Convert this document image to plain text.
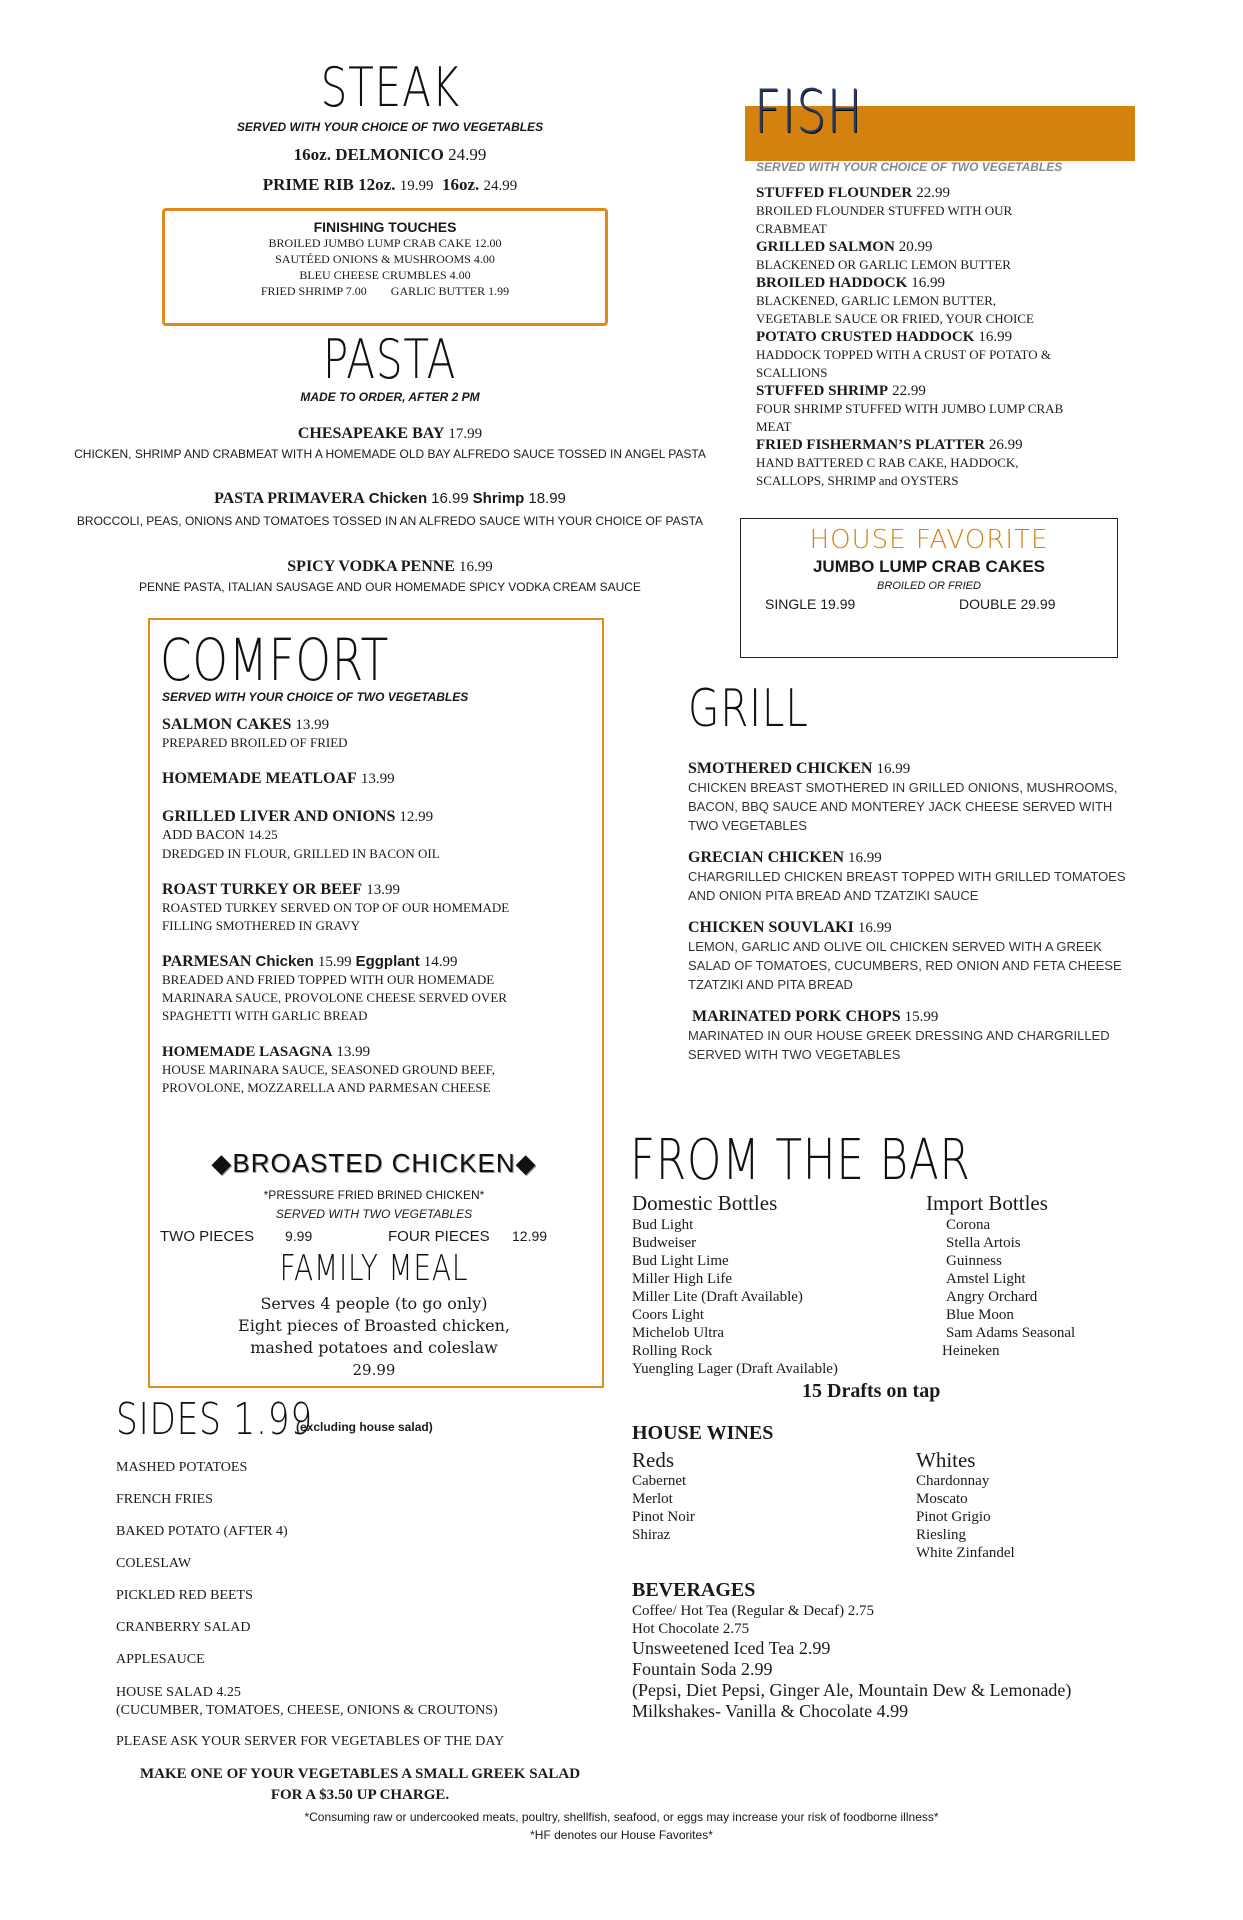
STEAK
SERVED WITH YOUR CHOICE OF TWO VEGETABLES
16oz. DELMONICO 24.99
PRIME RIB 12oz. 19.99 16oz. 24.99
FINISHING TOUCHES
BROILED JUMBO LUMP CRAB CAKE 12.00
SAUTÉED ONIONS & MUSHROOMS 4.00
BLEU CHEESE CRUMBLES 4.00
FRIED SHRIMP 7.00 GARLIC BUTTER 1.99
PASTA
MADE TO ORDER, AFTER 2 PM
CHESAPEAKE BAY 17.99
CHICKEN, SHRIMP AND CRABMEAT WITH A HOMEMADE OLD BAY ALFREDO SAUCE TOSSED IN ANGEL PASTA
PASTA PRIMAVERA Chicken 16.99 Shrimp 18.99
BROCCOLI, PEAS, ONIONS AND TOMATOES TOSSED IN AN ALFREDO SAUCE WITH YOUR CHOICE OF PASTA
SPICY VODKA PENNE 16.99
PENNE PASTA, ITALIAN SAUSAGE AND OUR HOMEMADE SPICY VODKA CREAM SAUCE
FISH
SERVED WITH YOUR CHOICE OF TWO VEGETABLES
STUFFED FLOUNDER 22.99
BROILED FLOUNDER STUFFED WITH OUR
CRABMEAT
GRILLED SALMON 20.99
BLACKENED OR GARLIC LEMON BUTTER
BROILED HADDOCK 16.99
BLACKENED, GARLIC LEMON BUTTER,
VEGETABLE SAUCE OR FRIED, YOUR CHOICE
POTATO CRUSTED HADDOCK 16.99
HADDOCK TOPPED WITH A CRUST OF POTATO &
SCALLIONS
STUFFED SHRIMP 22.99
FOUR SHRIMP STUFFED WITH JUMBO LUMP CRAB
MEAT
FRIED FISHERMAN’S PLATTER 26.99
HAND BATTERED C RAB CAKE, HADDOCK,
SCALLOPS, SHRIMP and OYSTERS
HOUSE FAVORITE
JUMBO LUMP CRAB CAKES
BROILED OR FRIED
SINGLE 19.99	DOUBLE 29.99
COMFORT
SERVED WITH YOUR CHOICE OF TWO VEGETABLES
SALMON CAKES 13.99
PREPARED BROILED OF FRIED
HOMEMADE MEATLOAF 13.99
GRILLED LIVER AND ONIONS 12.99
ADD BACON 14.25
DREDGED IN FLOUR, GRILLED IN BACON OIL
ROAST TURKEY OR BEEF 13.99
ROASTED TURKEY SERVED ON TOP OF OUR HOMEMADE
FILLING SMOTHERED IN GRAVY
PARMESAN Chicken 15.99 Eggplant 14.99
BREADED AND FRIED TOPPED WITH OUR HOMEMADE
MARINARA SAUCE, PROVOLONE CHEESE SERVED OVER
SPAGHETTI WITH GARLIC BREAD
HOMEMADE LASAGNA 13.99
HOUSE MARINARA SAUCE, SEASONED GROUND BEEF,
PROVOLONE, MOZZARELLA AND PARMESAN CHEESE
◆BROASTED CHICKEN◆
*PRESSURE FRIED BRINED CHICKEN*
SERVED WITH TWO VEGETABLES
TWO PIECES 9.99	FOUR PIECES 12.99
FAMILY MEAL
Serves 4 people (to go only)
Eight pieces of Broasted chicken,
mashed potatoes and coleslaw
29.99
GRILL
SMOTHERED CHICKEN 16.99
CHICKEN BREAST SMOTHERED IN GRILLED ONIONS, MUSHROOMS,
BACON, BBQ SAUCE AND MONTEREY JACK CHEESE SERVED WITH
TWO VEGETABLES
GRECIAN CHICKEN 16.99
CHARGRILLED CHICKEN BREAST TOPPED WITH GRILLED TOMATOES
AND ONION PITA BREAD AND TZATZIKI SAUCE
CHICKEN SOUVLAKI 16.99
LEMON, GARLIC AND OLIVE OIL CHICKEN SERVED WITH A GREEK
SALAD OF TOMATOES, CUCUMBERS, RED ONION AND FETA CHEESE
TZATZIKI AND PITA BREAD
MARINATED PORK CHOPS 15.99
MARINATED IN OUR HOUSE GREEK DRESSING AND CHARGRILLED
SERVED WITH TWO VEGETABLES
FROM THE BAR
Domestic Bottles
Bud Light
Budweiser
Bud Light Lime
Miller High Life
Miller Lite (Draft Available)
Coors Light
Michelob Ultra
Rolling Rock
Yuengling Lager (Draft Available)
Import Bottles
Corona
Stella Artois
Guinness
Amstel Light
Angry Orchard
Blue Moon
Sam Adams Seasonal
Heineken
15 Drafts on tap
HOUSE WINES
Reds
Cabernet
Merlot
Pinot Noir
Shiraz
Whites
Chardonnay
Moscato
Pinot Grigio
Riesling
White Zinfandel
BEVERAGES
Coffee/ Hot Tea (Regular & Decaf) 2.75
Hot Chocolate 2.75
Unsweetened Iced Tea 2.99
Fountain Soda 2.99
(Pepsi, Diet Pepsi, Ginger Ale, Mountain Dew & Lemonade)
Milkshakes- Vanilla & Chocolate 4.99
SIDES 1.99
(excluding house salad)
MASHED POTATOES
FRENCH FRIES
BAKED POTATO (AFTER 4)
COLESLAW
PICKLED RED BEETS
CRANBERRY SALAD
APPLESAUCE
HOUSE SALAD 4.25
(CUCUMBER, TOMATOES, CHEESE, ONIONS & CROUTONS)
PLEASE ASK YOUR SERVER FOR VEGETABLES OF THE DAY
MAKE ONE OF YOUR VEGETABLES A SMALL GREEK SALAD
FOR A $3.50 UP CHARGE.
*Consuming raw or undercooked meats, poultry, shellfish, seafood, or eggs may increase your risk of foodborne illness*
*HF denotes our House Favorites*
